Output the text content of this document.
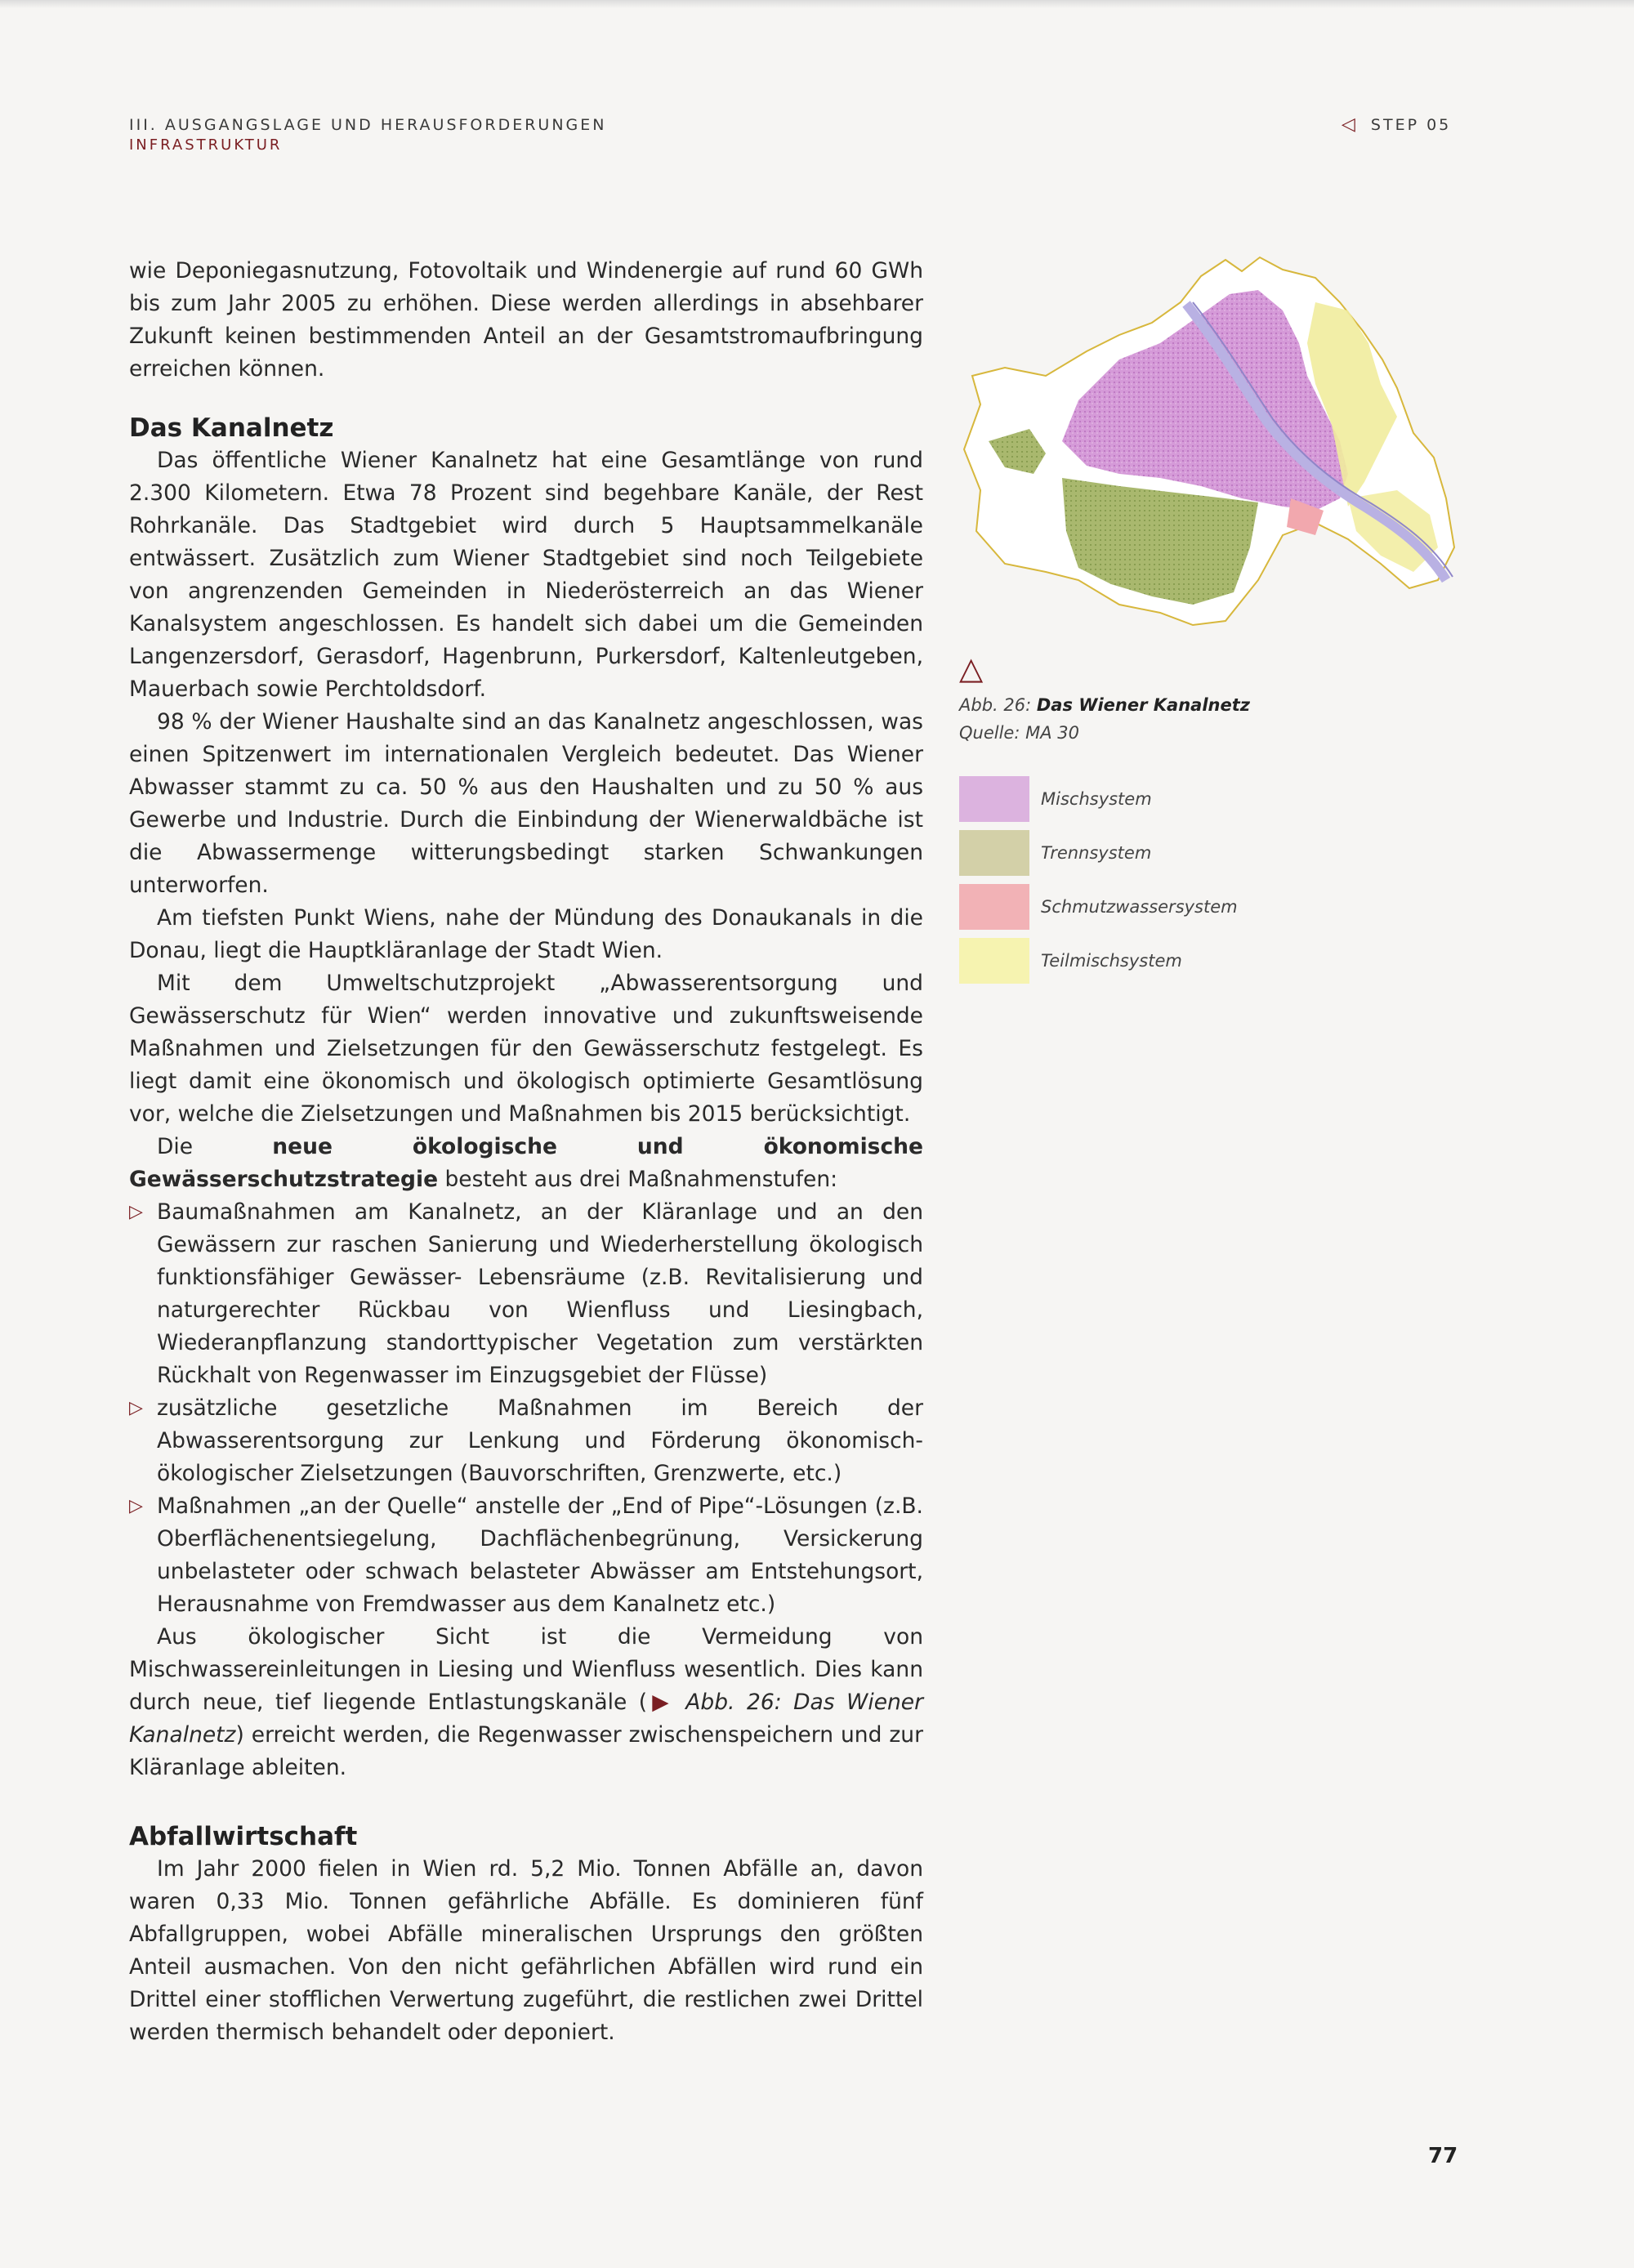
III. AUSGANGSLAGE UND HERAUSFORDERUNGEN
INFRASTRUKTUR
◁ STEP 05

wie Deponiegasnutzung, Fotovoltaik und Windenergie auf rund 60 GWh bis zum Jahr 2005 zu erhöhen. Diese werden allerdings in absehbarer Zukunft keinen bestimmenden Anteil an der Gesamtstromaufbringung erreichen können.

Das Kanalnetz

Das öffentliche Wiener Kanalnetz hat eine Gesamtlänge von rund 2.300 Kilometern. Etwa 78 Prozent sind begehbare Kanäle, der Rest Rohrkanäle. Das Stadtgebiet wird durch 5 Hauptsammelkanäle entwässert. Zusätzlich zum Wiener Stadtgebiet sind noch Teilgebiete von angrenzenden Gemeinden in Niederösterreich an das Wiener Kanalsystem angeschlossen. Es handelt sich dabei um die Gemeinden Langenzersdorf, Gerasdorf, Hagenbrunn, Purkersdorf, Kaltenleutgeben, Mauerbach sowie Perchtoldsdorf.

98 % der Wiener Haushalte sind an das Kanalnetz angeschlossen, was einen Spitzenwert im internationalen Vergleich bedeutet. Das Wiener Abwasser stammt zu ca. 50 % aus den Haushalten und zu 50 % aus Gewerbe und Industrie. Durch die Einbindung der Wienerwaldbäche ist die Abwassermenge witterungsbedingt starken Schwankungen unterworfen.

Am tiefsten Punkt Wiens, nahe der Mündung des Donaukanals in die Donau, liegt die Hauptkläranlage der Stadt Wien.

Mit dem Umweltschutzprojekt „Abwasserentsorgung und Gewässerschutz für Wien“ werden innovative und zukunftsweisende Maßnahmen und Zielsetzungen für den Gewässerschutz festgelegt. Es liegt damit eine ökonomisch und ökologisch optimierte Gesamtlösung vor, welche die Zielsetzungen und Maßnahmen bis 2015 berücksichtigt.

Die neue ökologische und ökonomische Gewässerschutzstrategie besteht aus drei Maßnahmenstufen:

▷ Baumaßnahmen am Kanalnetz, an der Kläranlage und an den Gewässern zur raschen Sanierung und Wiederherstellung ökologisch funktionsfähiger Gewässer- Lebensräume (z.B. Revitalisierung und naturgerechter Rückbau von Wienfluss und Liesingbach, Wiederanpflanzung standorttypischer Vegetation zum verstärkten Rückhalt von Regenwasser im Einzugsgebiet der Flüsse)
▷ zusätzliche gesetzliche Maßnahmen im Bereich der Abwasserentsorgung zur Lenkung und Förderung ökonomisch-ökologischer Zielsetzungen (Bauvorschriften, Grenzwerte, etc.)
▷ Maßnahmen „an der Quelle“ anstelle der „End of Pipe“-Lösungen (z.B. Oberflächenentsiegelung, Dachflächenbegrünung, Versickerung unbelasteter oder schwach belasteter Abwässer am Entstehungsort, Herausnahme von Fremdwasser aus dem Kanalnetz etc.)

Aus ökologischer Sicht ist die Vermeidung von Mischwassereinleitungen in Liesing und Wienfluss wesentlich. Dies kann durch neue, tief liegende Entlastungskanäle (▶ Abb. 26: Das Wiener Kanalnetz) erreicht werden, die Regenwasser zwischenspeichern und zur Kläranlage ableiten.

Abfallwirtschaft

Im Jahr 2000 fielen in Wien rd. 5,2 Mio. Tonnen Abfälle an, davon waren 0,33 Mio. Tonnen gefährliche Abfälle. Es dominieren fünf Abfallgruppen, wobei Abfälle mineralischen Ursprungs den größten Anteil ausmachen. Von den nicht gefährlichen Abfällen wird rund ein Drittel einer stofflichen Verwertung zugeführt, die restlichen zwei Drittel werden thermisch behandelt oder deponiert.

△
Abb. 26: Das Wiener Kanalnetz
Quelle: MA 30
Mischsystem
Trennsystem
Schmutzwassersystem
Teilmischsystem
77
